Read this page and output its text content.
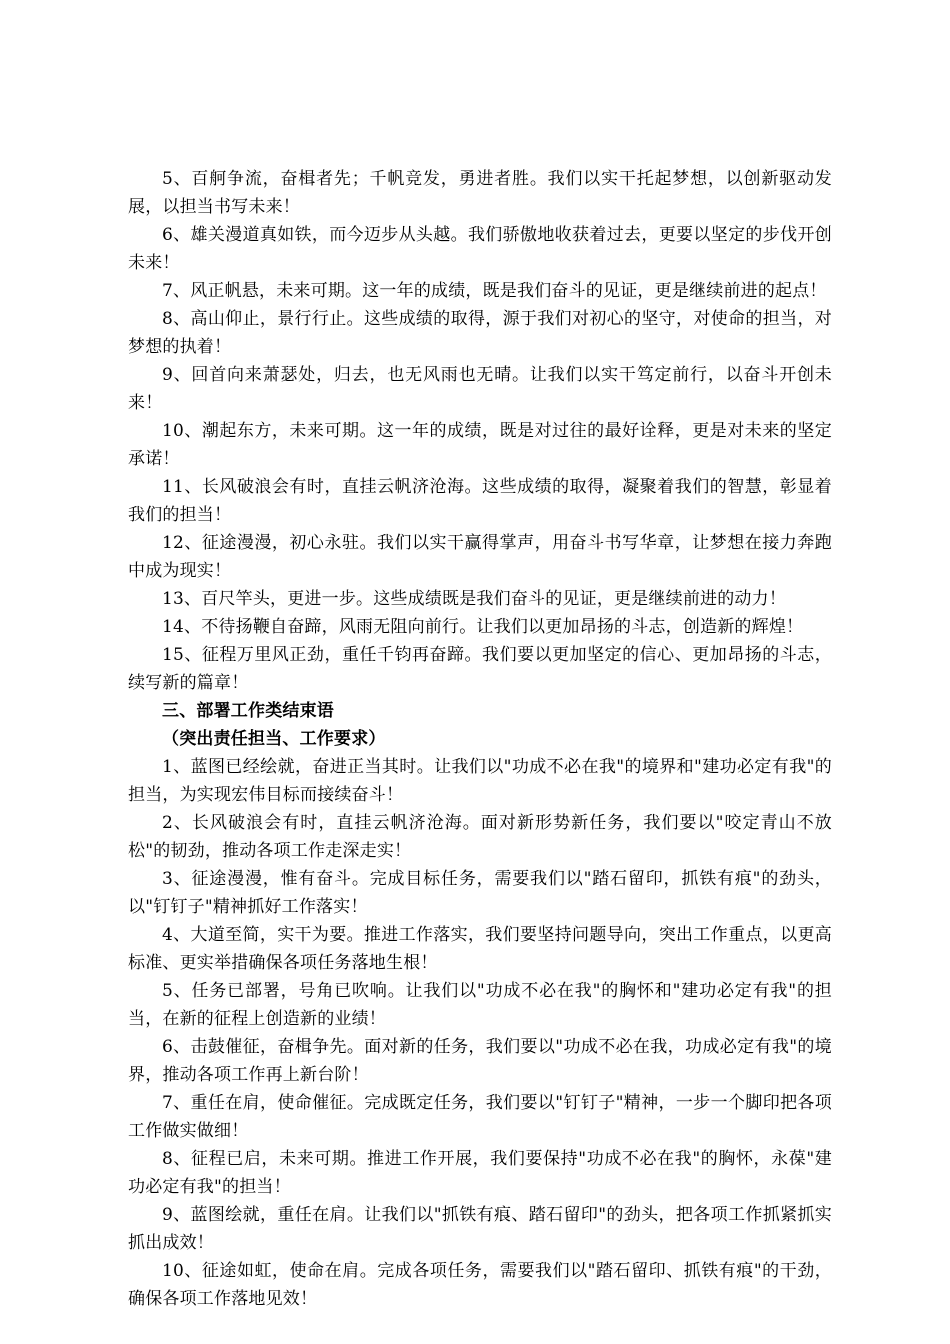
5、百舸争流，奋楫者先；千帆竞发，勇进者胜。我们以实干托起梦想，以创新驱动发展，以担当书写未来！

6、雄关漫道真如铁，而今迈步从头越。我们骄傲地收获着过去，更要以坚定的步伐开创未来！

7、风正帆悬，未来可期。这一年的成绩，既是我们奋斗的见证，更是继续前进的起点！

8、高山仰止，景行行止。这些成绩的取得，源于我们对初心的坚守，对使命的担当，对梦想的执着！

9、回首向来萧瑟处，归去，也无风雨也无晴。让我们以实干笃定前行，以奋斗开创未来！

10、潮起东方，未来可期。这一年的成绩，既是对过往的最好诠释，更是对未来的坚定承诺！

11、长风破浪会有时，直挂云帆济沧海。这些成绩的取得，凝聚着我们的智慧，彰显着我们的担当！

12、征途漫漫，初心永驻。我们以实干赢得掌声，用奋斗书写华章，让梦想在接力奔跑中成为现实！

13、百尺竿头，更进一步。这些成绩既是我们奋斗的见证，更是继续前进的动力！

14、不待扬鞭自奋蹄，风雨无阻向前行。让我们以更加昂扬的斗志，创造新的辉煌！

15、征程万里风正劲，重任千钧再奋蹄。我们要以更加坚定的信心、更加昂扬的斗志，续写新的篇章！

三、部署工作类结束语

（突出责任担当、工作要求）

1、蓝图已经绘就，奋进正当其时。让我们以"功成不必在我"的境界和"建功必定有我"的担当，为实现宏伟目标而接续奋斗！

2、长风破浪会有时，直挂云帆济沧海。面对新形势新任务，我们要以"咬定青山不放松"的韧劲，推动各项工作走深走实！

3、征途漫漫，惟有奋斗。完成目标任务，需要我们以"踏石留印，抓铁有痕"的劲头，以"钉钉子"精神抓好工作落实！

4、大道至简，实干为要。推进工作落实，我们要坚持问题导向，突出工作重点，以更高标准、更实举措确保各项任务落地生根！

5、任务已部署，号角已吹响。让我们以"功成不必在我"的胸怀和"建功必定有我"的担当，在新的征程上创造新的业绩！

6、击鼓催征，奋楫争先。面对新的任务，我们要以"功成不必在我，功成必定有我"的境界，推动各项工作再上新台阶！

7、重任在肩，使命催征。完成既定任务，我们要以"钉钉子"精神，一步一个脚印把各项工作做实做细！

8、征程已启，未来可期。推进工作开展，我们要保持"功成不必在我"的胸怀，永葆"建功必定有我"的担当！

9、蓝图绘就，重任在肩。让我们以"抓铁有痕、踏石留印"的劲头，把各项工作抓紧抓实抓出成效！

10、征途如虹，使命在肩。完成各项任务，需要我们以"踏石留印、抓铁有痕"的干劲，确保各项工作落地见效！
